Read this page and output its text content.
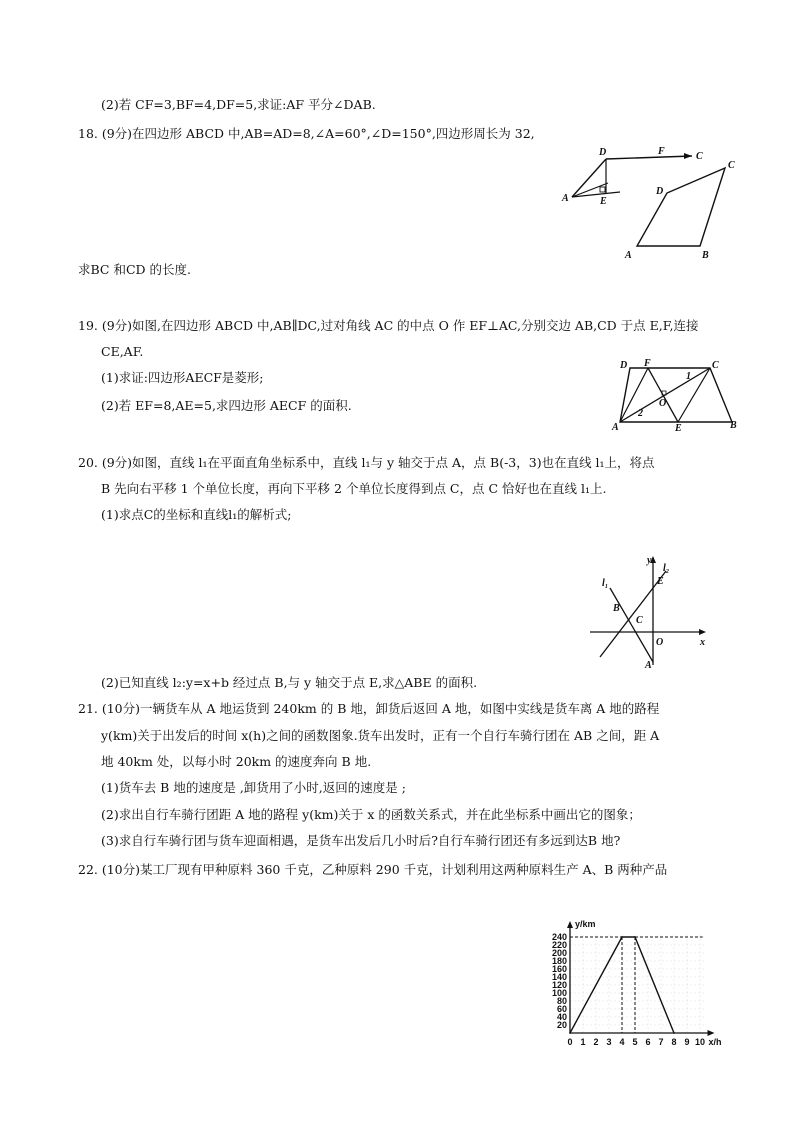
(2)若 CF=3,BF=4,DF=5,求证:AF 平分∠DAB.
18. (9分)在四边形 ABCD 中,AB=AD=8,∠A=60°,∠D=150°,四边形周长为 32,
D	F	C
A	E
C
D
A	B
求BC 和CD 的长度.
19. (9分)如图,在四边形 ABCD 中,AB∥DC,过对角线 AC 的中点 O 作 EF⊥AC,分别交边 AB,CD 于点 E,F,连接
CE,AF.
(1)求证:四边形AECF是菱形;
D F	C
1
O
2
A	E	B
(2)若 EF=8,AE=5,求四边形 AECF 的面积.
20. (9分)如图，直线 l₁在平面直角坐标系中，直线 l₁与 y 轴交于点 A，点 B(-3，3)也在直线 l₁上，将点
B 先向右平移 1 个单位长度，再向下平移 2 个单位长度得到点 C，点 C 恰好也在直线 l₁上.
(1)求点C的坐标和直线l₁的解析式;
y
l₂
l₁	E
B
C
O	x
A
(2)已知直线 l₂:y=x+b 经过点 B,与 y 轴交于点 E,求△ABE 的面积.
21. (10分)一辆货车从 A 地运货到 240km 的 B 地，卸货后返回 A 地，如图中实线是货车离 A 地的路程
y(km)关于出发后的时间 x(h)之间的函数图象.货车出发时，正有一个自行车骑行团在 AB 之间，距 A
地 40km 处，以每小时 20km 的速度奔向 B 地.
(1)货车去 B 地的速度是 ,卸货用了小时,返回的速度是 ;
(2)求出自行车骑行团距 A 地的路程 y(km)关于 x 的函数关系式，并在此坐标系中画出它的图象；
(3)求自行车骑行团与货车迎面相遇，是货车出发后几小时后?自行车骑行团还有多远到达B 地?
22. (10分)某工厂现有甲种原料 360 千克，乙种原料 290 千克，计划利用这两种原料生产 A、B 两种产品
20
40
60
80
100
120
140
160
180
200
220
240
0 1 2 3 4 5 6 7 8 9 10
y/km
x/h
